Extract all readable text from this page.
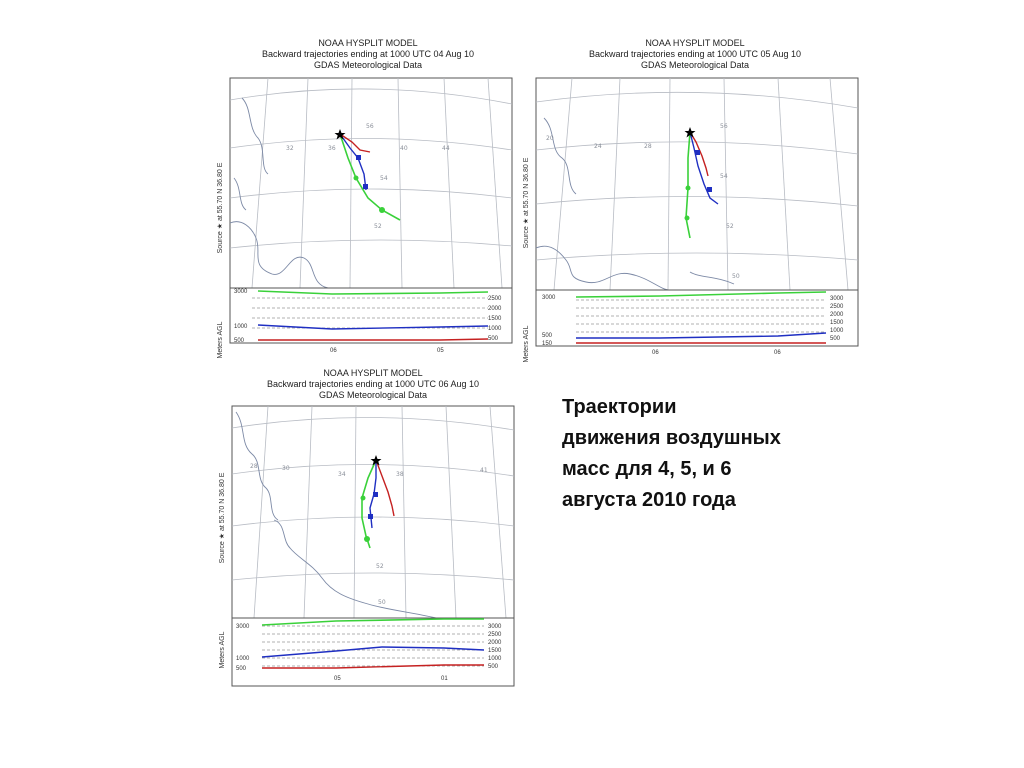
NOAA HYSPLIT MODEL
Backward trajectories ending at 1000 UTC 04 Aug 10
GDAS Meteorological Data
Source ★ at 55.70 N 36.80 E
Meters AGL
56
32	36	40	44
54
52
3000
1000
500
2500
2000
1500
1000
500
06	05
NOAA HYSPLIT MODEL
Backward trajectories ending at 1000 UTC 05 Aug 10
GDAS Meteorological Data
Source ★ at 55.70 N 36.80 E
Meters AGL
20
24	28
56
54
52
50
3000
500
150
3000
2500
2000
1500
1000
500
06	06
NOAA HYSPLIT MODEL
Backward trajectories ending at 1000 UTC 06 Aug 10
GDAS Meteorological Data
Source ★ at 55.70 N 36.80 E
Meters AGL
28	30
34	38
41
52
50
3000
1000
500
3000
2500
2000
1500
1000
500
05	01
Траектории
движения воздушных
масс для 4, 5, и 6
августа 2010 года
